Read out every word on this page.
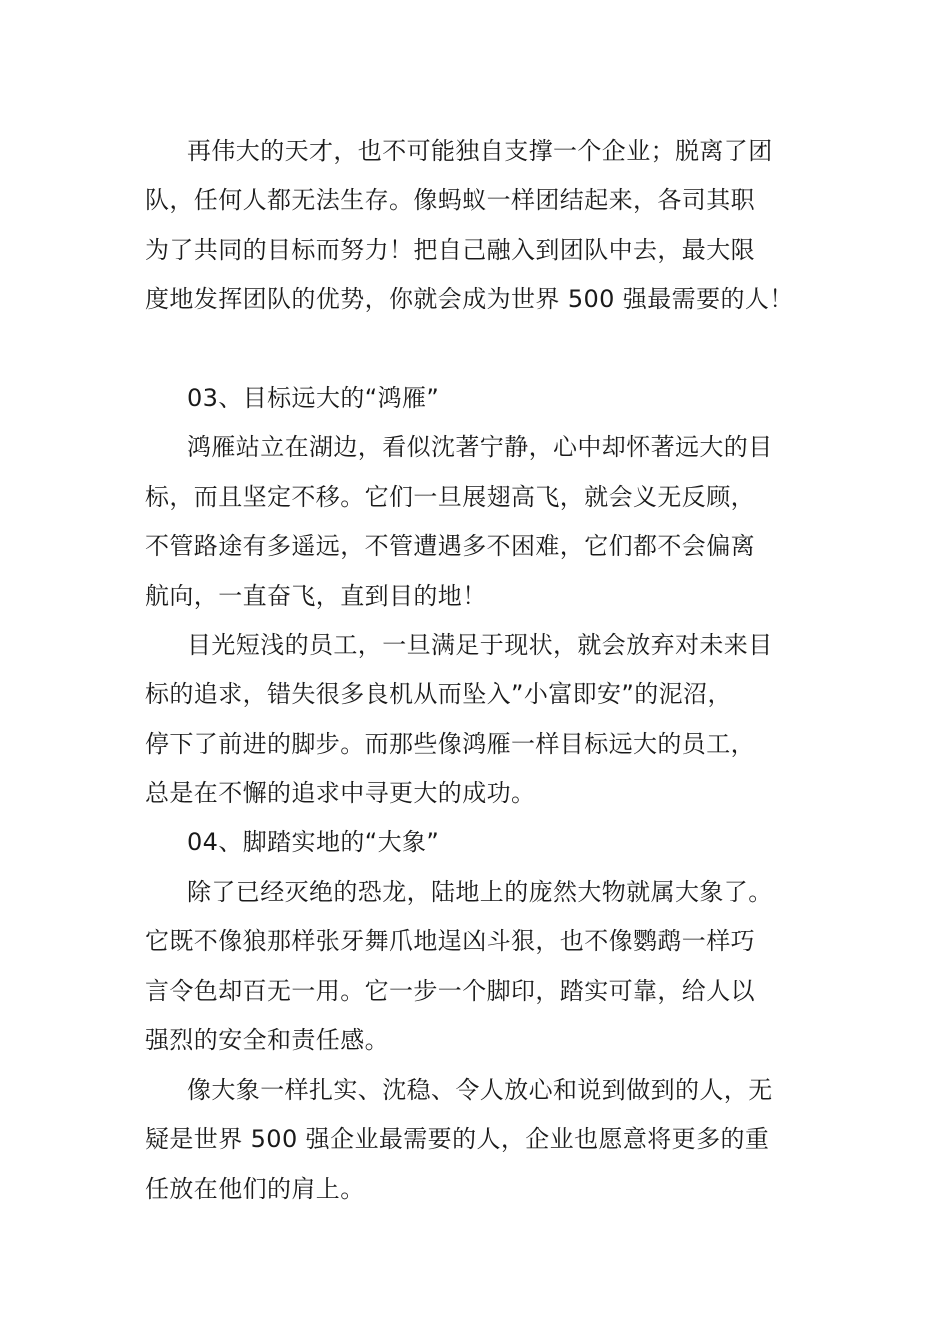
再伟大的天才，也不可能独自支撑一个企业；脱离了团
队，任何人都无法生存。像蚂蚁一样团结起来，各司其职
为了共同的目标而努力！把自己融入到团队中去，最大限
度地发挥团队的优势，你就会成为世界 500 强最需要的人！
03、目标远大的“鸿雁”
鸿雁站立在湖边，看似沈著宁静，心中却怀著远大的目
标，而且坚定不移。它们一旦展翅高飞，就会义无反顾，
不管路途有多遥远，不管遭遇多不困难，它们都不会偏离
航向，一直奋飞，直到目的地！
目光短浅的员工，一旦满足于现状，就会放弃对未来目
标的追求，错失很多良机从而坠入”小富即安”的泥沼，
停下了前进的脚步。而那些像鸿雁一样目标远大的员工，
总是在不懈的追求中寻更大的成功。
04、脚踏实地的“大象”
除了已经灭绝的恐龙，陆地上的庞然大物就属大象了。
它既不像狼那样张牙舞爪地逞凶斗狠，也不像鹦鹉一样巧
言令色却百无一用。它一步一个脚印，踏实可靠，给人以
强烈的安全和责任感。
像大象一样扎实、沈稳、令人放心和说到做到的人，无
疑是世界 500 强企业最需要的人，企业也愿意将更多的重
任放在他们的肩上。
